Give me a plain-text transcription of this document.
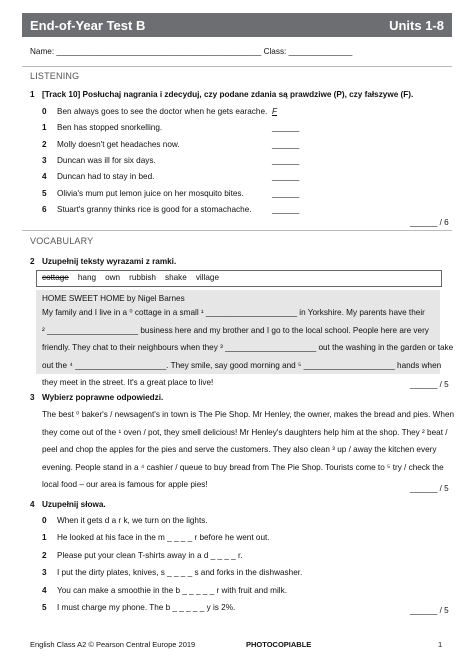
End-of-Year Test B	Units 1-8
Name: _____________________________________________ Class: ______________
LISTENING
1 [Track 10] Posłuchaj nagrania i zdecyduj, czy podane zdania są prawdziwe (P), czy fałszywe (F).
0 Ben always goes to see the doctor when he gets earache. F
1 Ben has stopped snorkelling.	______
2 Molly doesn't get headaches now.	______
3 Duncan was ill for six days.	______
4 Duncan had to stay in bed.	______
5 Olivia's mum put lemon juice on her mosquito bites.	______
6 Stuart's granny thinks rice is good for a stomachache. ______
______ / 6
VOCABULARY
2 Uzupełnij teksty wyrazami z ramki.
cottage hang own rubbish shake village
HOME SWEET HOME by Nigel Barnes
My family and I live in a ⁰ cottage in a small ¹ ____________________ in Yorkshire. My parents have their
² ____________________ business here and my brother and I go to the local school. People here are very
friendly. They chat to their neighbours when they ³ ____________________ out the washing in the garden or take
out the ⁴ ____________________. They smile, say good morning and ⁵ ____________________ hands when
they meet in the street. It's a great place to live!	______ / 5
3 Wybierz poprawne odpowiedzi.
The best ⁰ baker's / newsagent's in town is The Pie Shop. Mr Henley, the owner, makes the bread and pies. When
they come out of the ¹ oven / pot, they smell delicious! Mr Henley's daughters help him at the shop. They ² beat /
peel and chop the apples for the pies and serve the customers. They also clean ³ up / away the kitchen every
evening. People stand in a ⁴ cashier / queue to buy bread from The Pie Shop. Tourists come to ⁵ try / check the
local food – our area is famous for apple pies!	______ / 5
4 Uzupełnij słowa.
0 When it gets d a r k, we turn on the lights.
1 He looked at his face in the m _ _ _ _ r before he went out.
2 Please put your clean T-shirts away in a d _ _ _ _ r.
3 I put the dirty plates, knives, s _ _ _ _ s and forks in the dishwasher.
4 You can make a smoothie in the b _ _ _ _ _ r with fruit and milk.
5 I must charge my phone. The b _ _ _ _ _ y is 2%.	______ / 5
English Class A2 © Pearson Central Europe 2019	PHOTOCOPIABLE	1
